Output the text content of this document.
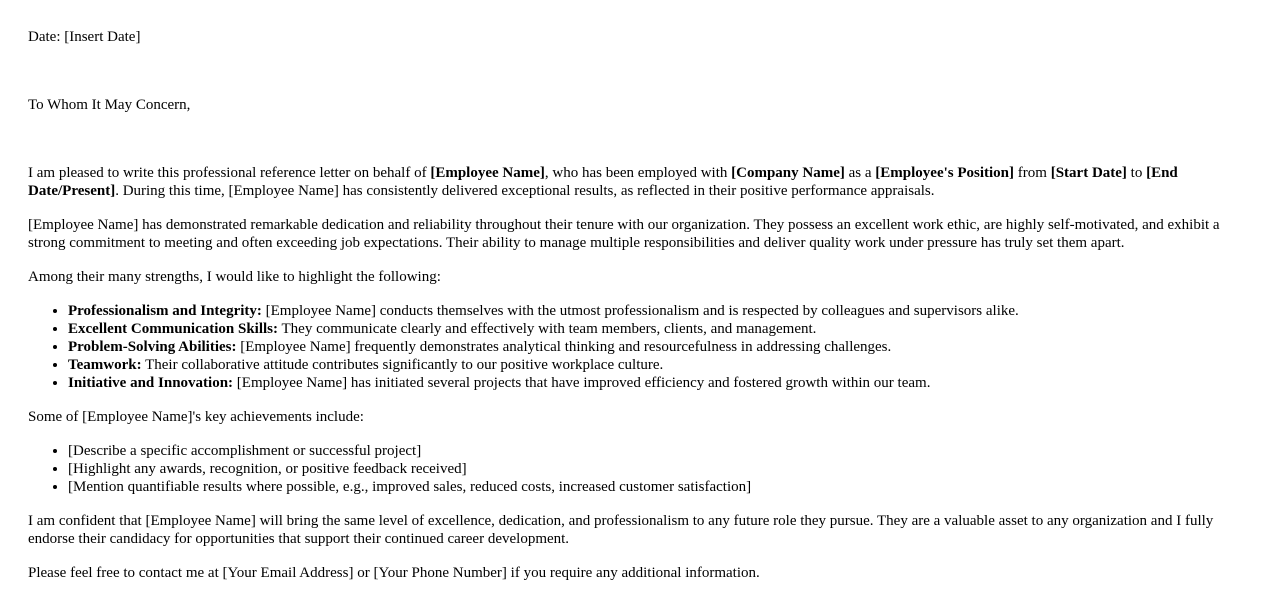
Date: [Insert Date]

To Whom It May Concern,

I am pleased to write this professional reference letter on behalf of [Employee Name], who has been employed with [Company Name] as a [Employee's Position] from [Start Date] to [End Date/Present]. During this time, [Employee Name] has consistently delivered exceptional results, as reflected in their positive performance appraisals.

[Employee Name] has demonstrated remarkable dedication and reliability throughout their tenure with our organization. They possess an excellent work ethic, are highly self-motivated, and exhibit a strong commitment to meeting and often exceeding job expectations. Their ability to manage multiple responsibilities and deliver quality work under pressure has truly set them apart.

Among their many strengths, I would like to highlight the following:

• Professionalism and Integrity: [Employee Name] conducts themselves with the utmost professionalism and is respected by colleagues and supervisors alike.
• Excellent Communication Skills: They communicate clearly and effectively with team members, clients, and management.
• Problem-Solving Abilities: [Employee Name] frequently demonstrates analytical thinking and resourcefulness in addressing challenges.
• Teamwork: Their collaborative attitude contributes significantly to our positive workplace culture.
• Initiative and Innovation: [Employee Name] has initiated several projects that have improved efficiency and fostered growth within our team.

Some of [Employee Name]'s key achievements include:

• [Describe a specific accomplishment or successful project]
• [Highlight any awards, recognition, or positive feedback received]
• [Mention quantifiable results where possible, e.g., improved sales, reduced costs, increased customer satisfaction]

I am confident that [Employee Name] will bring the same level of excellence, dedication, and professionalism to any future role they pursue. They are a valuable asset to any organization and I fully endorse their candidacy for opportunities that support their continued career development.

Please feel free to contact me at [Your Email Address] or [Your Phone Number] if you require any additional information.
